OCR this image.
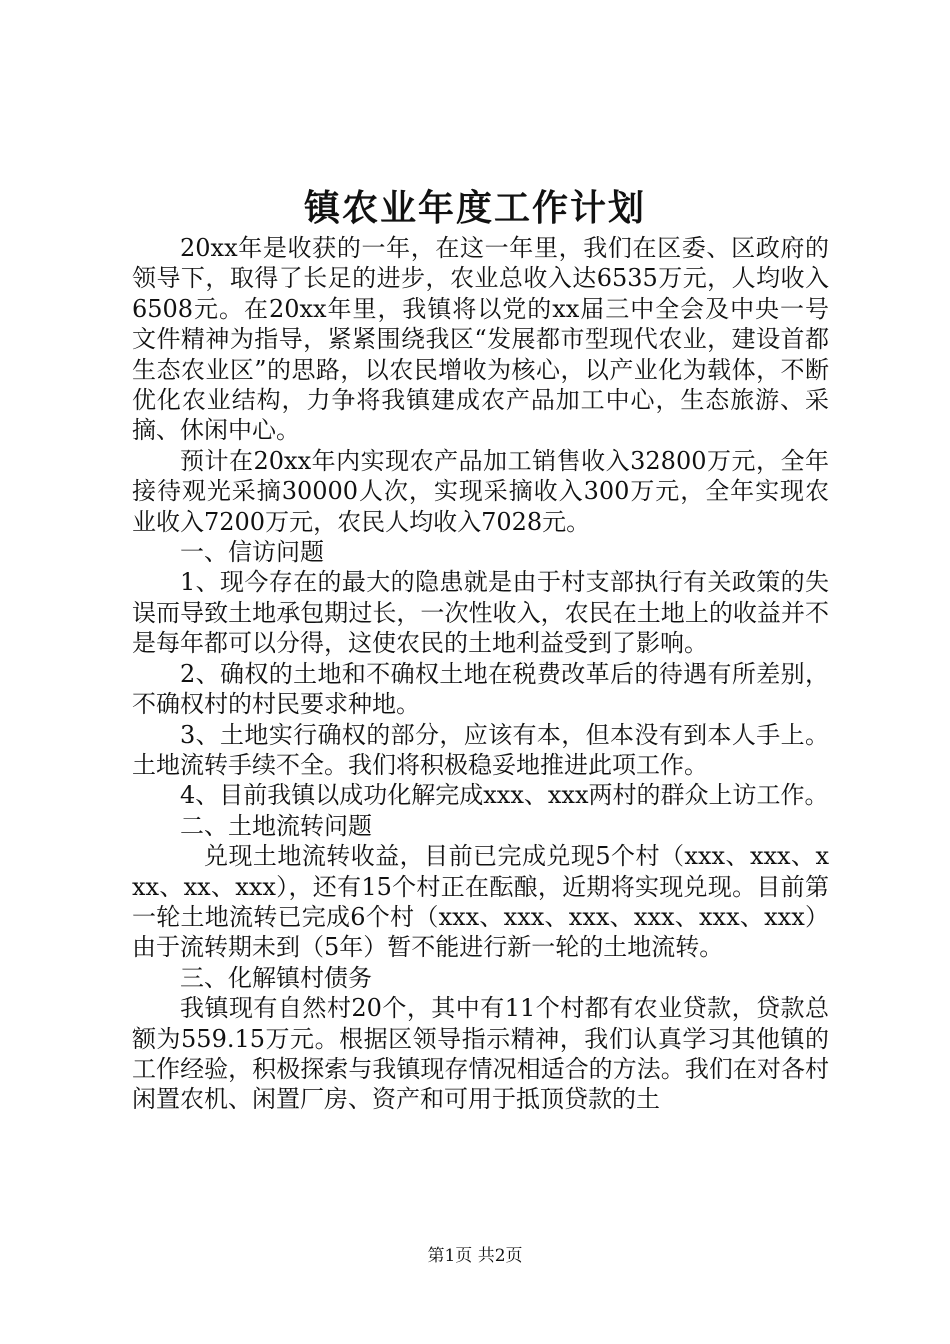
镇农业年度工作计划

20xx年是收获的一年，在这一年里，我们在区委、区政府的领导下，取得了长足的进步，农业总收入达6535万元，人均收入6508元。在20xx年里，我镇将以党的xx届三中全会及中央一号文件精神为指导，紧紧围绕我区“发展都市型现代农业，建设首都生态农业区”的思路，以农民增收为核心，以产业化为载体，不断优化农业结构，力争将我镇建成农产品加工中心，生态旅游、采摘、休闲中心。

预计在20xx年内实现农产品加工销售收入32800万元，全年接待观光采摘30000人次，实现采摘收入300万元，全年实现农业收入7200万元，农民人均收入7028元。

一、信访问题

1、现今存在的最大的隐患就是由于村支部执行有关政策的失误而导致土地承包期过长，一次性收入，农民在土地上的收益并不是每年都可以分得，这使农民的土地利益受到了影响。

2、确权的土地和不确权土地在税费改革后的待遇有所差别，不确权村的村民要求种地。

3、土地实行确权的部分，应该有本，但本没有到本人手上。土地流转手续不全。我们将积极稳妥地推进此项工作。

4、目前我镇以成功化解完成xxx、xxx两村的群众上访工作。

二、土地流转问题

兑现土地流转收益，目前已完成兑现5个村（xxx、xxx、xxx、xx、xxx），还有15个村正在酝酿，近期将实现兑现。目前第一轮土地流转已完成6个村（xxx、xxx、xxx、xxx、xxx、xxx）由于流转期未到（5年）暂不能进行新一轮的土地流转。

三、化解镇村债务

我镇现有自然村20个，其中有11个村都有农业贷款，贷款总额为559.15万元。根据区领导指示精神，我们认真学习其他镇的工作经验，积极探索与我镇现存情况相适合的方法。我们在对各村闲置农机、闲置厂房、资产和可用于抵顶贷款的土

第1页 共2页
